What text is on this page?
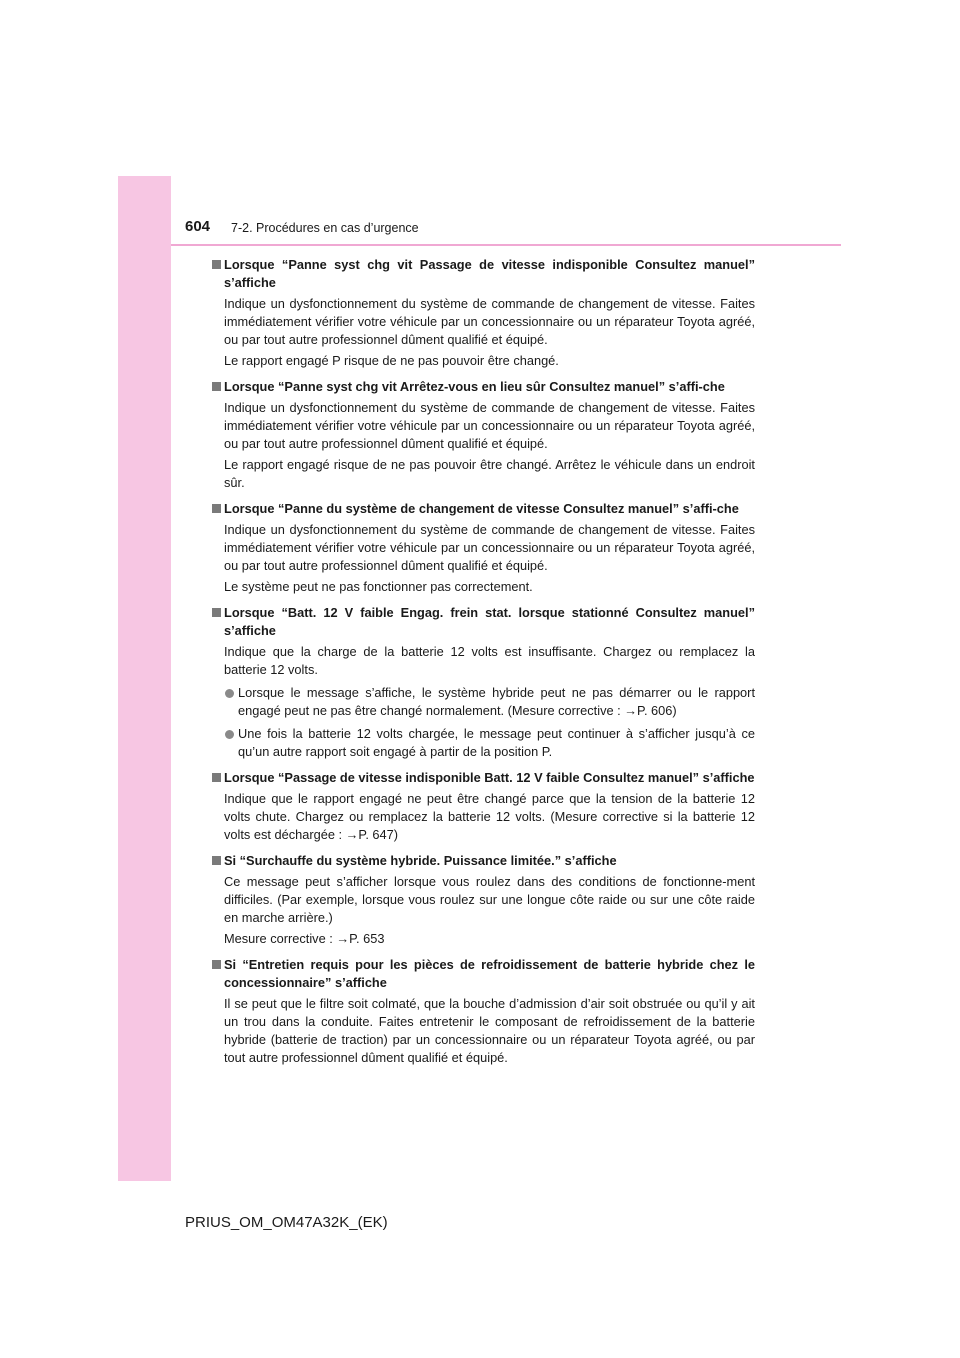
604 7-2. Procédures en cas d’urgence
Lorsque “Panne syst chg vit Passage de vitesse indisponible Consultez manuel” s’affiche
Indique un dysfonctionnement du système de commande de changement de vitesse. Faites immédiatement vérifier votre véhicule par un concessionnaire ou un réparateur Toyota agréé, ou par tout autre professionnel dûment qualifié et équipé.
Le rapport engagé P risque de ne pas pouvoir être changé.
Lorsque “Panne syst chg vit Arrêtez-vous en lieu sûr Consultez manuel” s’affi-che
Indique un dysfonctionnement du système de commande de changement de vitesse. Faites immédiatement vérifier votre véhicule par un concessionnaire ou un réparateur Toyota agréé, ou par tout autre professionnel dûment qualifié et équipé.
Le rapport engagé risque de ne pas pouvoir être changé. Arrêtez le véhicule dans un endroit sûr.
Lorsque “Panne du système de changement de vitesse Consultez manuel” s’affi-che
Indique un dysfonctionnement du système de commande de changement de vitesse. Faites immédiatement vérifier votre véhicule par un concessionnaire ou un réparateur Toyota agréé, ou par tout autre professionnel dûment qualifié et équipé.
Le système peut ne pas fonctionner pas correctement.
Lorsque “Batt. 12 V faible Engag. frein stat. lorsque stationné Consultez manuel” s’affiche
Indique que la charge de la batterie 12 volts est insuffisante. Chargez ou remplacez la batterie 12 volts.
Lorsque le message s’affiche, le système hybride peut ne pas démarrer ou le rapport engagé peut ne pas être changé normalement. (Mesure corrective : →P. 606)
Une fois la batterie 12 volts chargée, le message peut continuer à s’afficher jusqu’à ce qu’un autre rapport soit engagé à partir de la position P.
Lorsque “Passage de vitesse indisponible Batt. 12 V faible Consultez manuel” s’affiche
Indique que le rapport engagé ne peut être changé parce que la tension de la batterie 12 volts chute. Chargez ou remplacez la batterie 12 volts. (Mesure corrective si la batterie 12 volts est déchargée : →P. 647)
Si “Surchauffe du système hybride. Puissance limitée.” s’affiche
Ce message peut s’afficher lorsque vous roulez dans des conditions de fonctionne-ment difficiles. (Par exemple, lorsque vous roulez sur une longue côte raide ou sur une côte raide en marche arrière.)
Mesure corrective : →P. 653
Si “Entretien requis pour les pièces de refroidissement de batterie hybride chez le concessionnaire” s’affiche
Il se peut que le filtre soit colmaté, que la bouche d’admission d’air soit obstruée ou qu’il y ait un trou dans la conduite. Faites entretenir le composant de refroidissement de la batterie hybride (batterie de traction) par un concessionnaire ou un réparateur Toyota agréé, ou par tout autre professionnel dûment qualifié et équipé.
PRIUS_OM_OM47A32K_(EK)
